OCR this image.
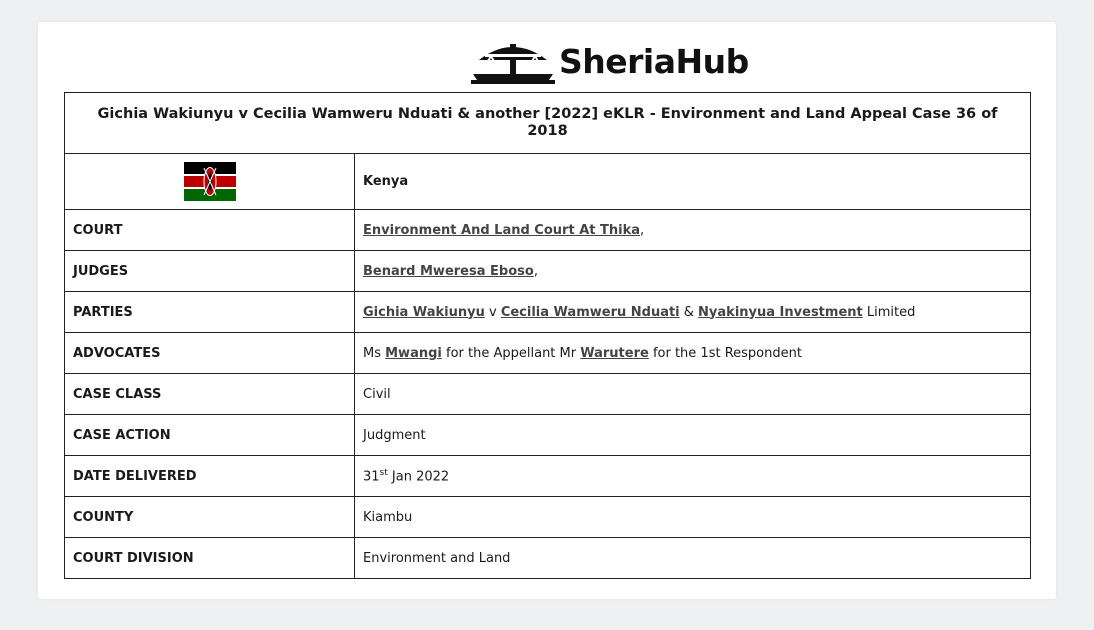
SheriaHub
Gichia Wakiunyu v Cecilia Wamweru Nduati & another [2022] eKLR - Environment and Land Appeal Case 36 of 2018	
	Kenya
COURT	Environment And Land Court At Thika,
JUDGES	Benard Mweresa Eboso,
PARTIES	Gichia Wakiunyu v Cecilia Wamweru Nduati & Nyakinyua Investment Limited
ADVOCATES	Ms Mwangi for the Appellant Mr Warutere for the 1st Respondent
CASE CLASS	Civil
CASE ACTION	Judgment
DATE DELIVERED	31st Jan 2022
COUNTY	Kiambu
COURT DIVISION	Environment and Land
